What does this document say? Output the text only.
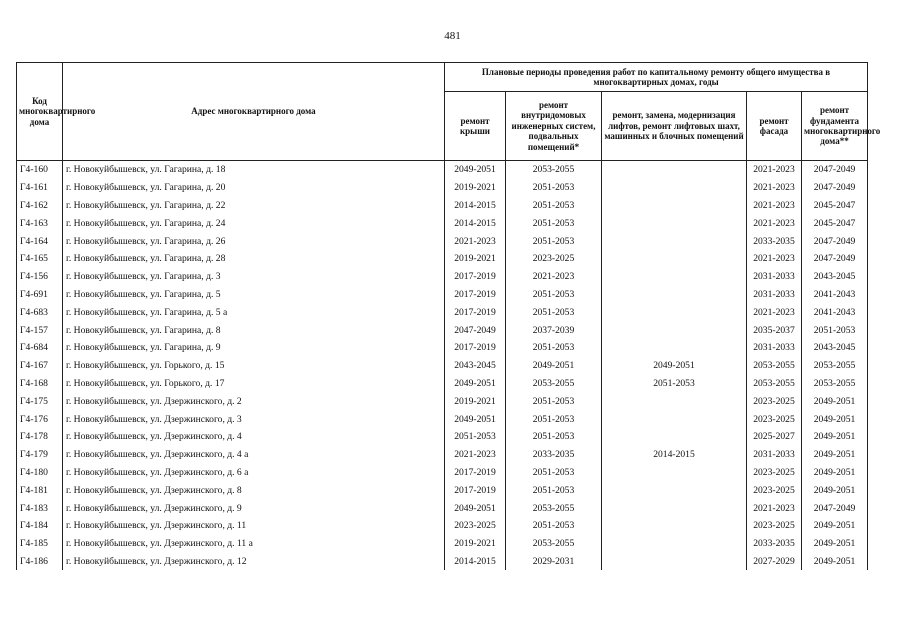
481
Код многоквартирного дома	Адрес многоквартирного дома	Плановые периоды проведения работ по капитальному ремонту общего имущества в многоквартирных домах, годы				
		ремонт крыши	ремонт внутридомовых инженерных систем, подвальных помещений*	ремонт, замена, модернизация лифтов, ремонт лифтовых шахт, машинных и блочных помещений	ремонт фасада	ремонт фундамента многоквартирного дома**
Г4-160	г. Новокуйбышевск, ул. Гагарина, д. 18	2049-2051	2053-2055		2021-2023	2047-2049
Г4-161	г. Новокуйбышевск, ул. Гагарина, д. 20	2019-2021	2051-2053		2021-2023	2047-2049
Г4-162	г. Новокуйбышевск, ул. Гагарина, д. 22	2014-2015	2051-2053		2021-2023	2045-2047
Г4-163	г. Новокуйбышевск, ул. Гагарина, д. 24	2014-2015	2051-2053		2021-2023	2045-2047
Г4-164	г. Новокуйбышевск, ул. Гагарина, д. 26	2021-2023	2051-2053		2033-2035	2047-2049
Г4-165	г. Новокуйбышевск, ул. Гагарина, д. 28	2019-2021	2023-2025		2021-2023	2047-2049
Г4-156	г. Новокуйбышевск, ул. Гагарина, д. 3	2017-2019	2021-2023		2031-2033	2043-2045
Г4-691	г. Новокуйбышевск, ул. Гагарина, д. 5	2017-2019	2051-2053		2031-2033	2041-2043
Г4-683	г. Новокуйбышевск, ул. Гагарина, д. 5 а	2017-2019	2051-2053		2021-2023	2041-2043
Г4-157	г. Новокуйбышевск, ул. Гагарина, д. 8	2047-2049	2037-2039		2035-2037	2051-2053
Г4-684	г. Новокуйбышевск, ул. Гагарина, д. 9	2017-2019	2051-2053		2031-2033	2043-2045
Г4-167	г. Новокуйбышевск, ул. Горького, д. 15	2043-2045	2049-2051	2049-2051	2053-2055	2053-2055
Г4-168	г. Новокуйбышевск, ул. Горького, д. 17	2049-2051	2053-2055	2051-2053	2053-2055	2053-2055
Г4-175	г. Новокуйбышевск, ул. Дзержинского, д. 2	2019-2021	2051-2053		2023-2025	2049-2051
Г4-176	г. Новокуйбышевск, ул. Дзержинского, д. 3	2049-2051	2051-2053		2023-2025	2049-2051
Г4-178	г. Новокуйбышевск, ул. Дзержинского, д. 4	2051-2053	2051-2053		2025-2027	2049-2051
Г4-179	г. Новокуйбышевск, ул. Дзержинского, д. 4 а	2021-2023	2033-2035	2014-2015	2031-2033	2049-2051
Г4-180	г. Новокуйбышевск, ул. Дзержинского, д. 6 а	2017-2019	2051-2053		2023-2025	2049-2051
Г4-181	г. Новокуйбышевск, ул. Дзержинского, д. 8	2017-2019	2051-2053		2023-2025	2049-2051
Г4-183	г. Новокуйбышевск, ул. Дзержинского, д. 9	2049-2051	2053-2055		2021-2023	2047-2049
Г4-184	г. Новокуйбышевск, ул. Дзержинского, д. 11	2023-2025	2051-2053		2023-2025	2049-2051
Г4-185	г. Новокуйбышевск, ул. Дзержинского, д. 11 а	2019-2021	2053-2055		2033-2035	2049-2051
Г4-186	г. Новокуйбышевск, ул. Дзержинского, д. 12	2014-2015	2029-2031		2027-2029	2049-2051
